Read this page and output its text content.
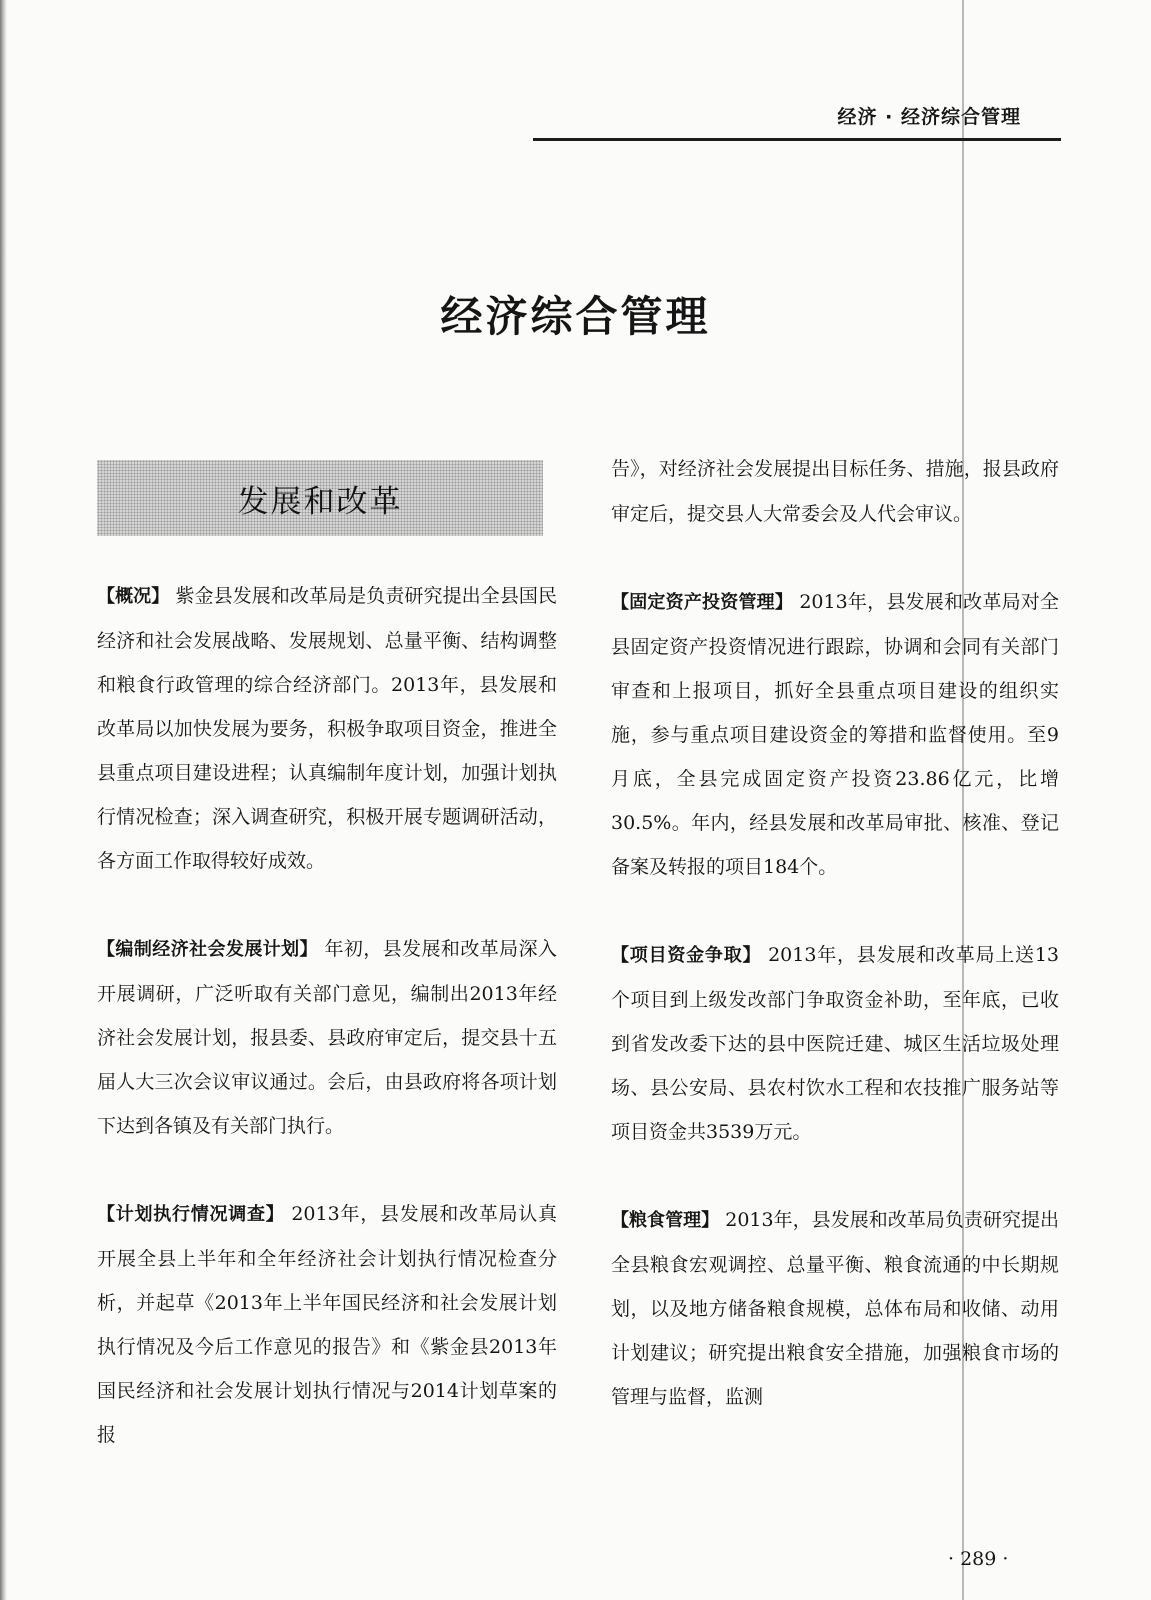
经济 · 经济综合管理
经济综合管理
发展和改革

【概况】 紫金县发展和改革局是负责研究提出全县国民经济和社会发展战略、发展规划、总量平衡、结构调整和粮食行政管理的综合经济部门。2013年，县发展和改革局以加快发展为要务，积极争取项目资金，推进全县重点项目建设进程；认真编制年度计划，加强计划执行情况检查；深入调查研究，积极开展专题调研活动，各方面工作取得较好成效。

【编制经济社会发展计划】 年初，县发展和改革局深入开展调研，广泛听取有关部门意见，编制出2013年经济社会发展计划，报县委、县政府审定后，提交县十五届人大三次会议审议通过。会后，由县政府将各项计划下达到各镇及有关部门执行。

【计划执行情况调查】 2013年，县发展和改革局认真开展全县上半年和全年经济社会计划执行情况检查分析，并起草《2013年上半年国民经济和社会发展计划执行情况及今后工作意见的报告》和《紫金县2013年国民经济和社会发展计划执行情况与2014计划草案的报

告》，对经济社会发展提出目标任务、措施，报县政府审定后，提交县人大常委会及人代会审议。

【固定资产投资管理】 2013年，县发展和改革局对全县固定资产投资情况进行跟踪，协调和会同有关部门审查和上报项目，抓好全县重点项目建设的组织实施，参与重点项目建设资金的筹措和监督使用。至9月底，全县完成固定资产投资23.86亿元，比增30.5%。年内，经县发展和改革局审批、核准、登记备案及转报的项目184个。

【项目资金争取】 2013年，县发展和改革局上送13个项目到上级发改部门争取资金补助，至年底，已收到省发改委下达的县中医院迁建、城区生活垃圾处理场、县公安局、县农村饮水工程和农技推广服务站等项目资金共3539万元。

【粮食管理】 2013年，县发展和改革局负责研究提出全县粮食宏观调控、总量平衡、粮食流通的中长期规划，以及地方储备粮食规模，总体布局和收储、动用计划建议；研究提出粮食安全措施，加强粮食市场的管理与监督，监测

· 289 ·
